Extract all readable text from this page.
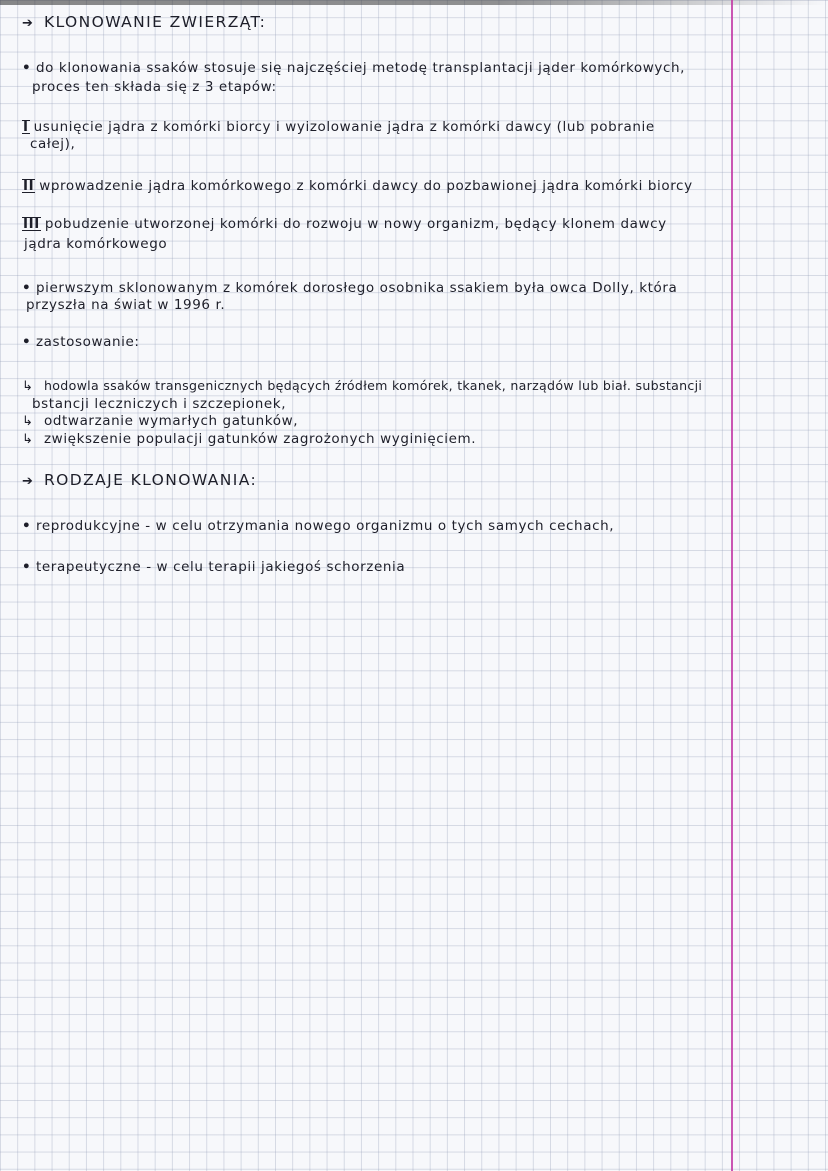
➔ KLONOWANIE ZWIERZĄT:
• do klonowania ssaków stosuje się najczęściej metodę transplantacji jąder komórkowych,
proces ten składa się z 3 etapów:
I usunięcie jądra z komórki biorcy i wyizolowanie jądra z komórki dawcy (lub pobranie
całej),
II wprowadzenie jądra komórkowego z komórki dawcy do pozbawionej jądra komórki biorcy
III pobudzenie utworzonej komórki do rozwoju w nowy organizm, będący klonem dawcy
jądra komórkowego
• pierwszym sklonowanym z komórek dorosłego osobnika ssakiem była owca Dolly, która
przyszła na świat w 1996 r.
• zastosowanie:
↳ hodowla ssaków transgenicznych będących źródłem komórek, tkanek, narządów lub biał. substancji
bstancji leczniczych i szczepionek,
↳ odtwarzanie wymarłych gatunków,
↳ zwiększenie populacji gatunków zagrożonych wyginięciem.
➔ RODZAJE KLONOWANIA:
• reprodukcyjne - w celu otrzymania nowego organizmu o tych samych cechach,
• terapeutyczne - w celu terapii jakiegoś schorzenia
